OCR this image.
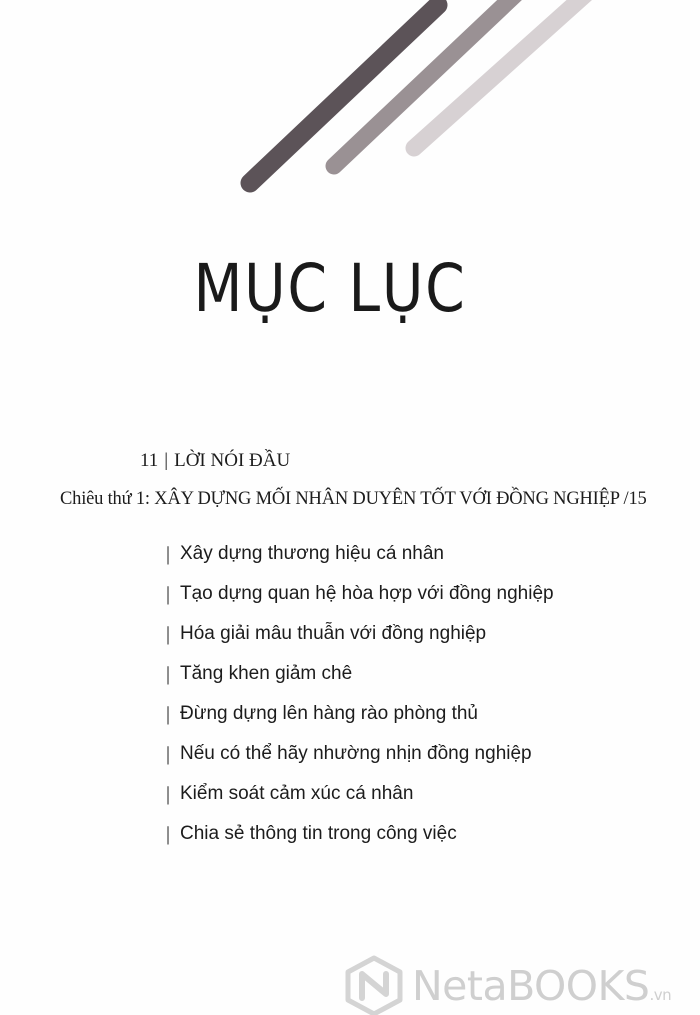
MỤC LỤC
11 | LỜI NÓI ĐẦU
Chiêu thứ 1: XÂY DỰNG MỐI NHÂN DUYÊN TỐT VỚI ĐỒNG NGHIỆP /15
| Xây dựng thương hiệu cá nhân
| Tạo dựng quan hệ hòa hợp với đồng nghiệp
| Hóa giải mâu thuẫn với đồng nghiệp
| Tăng khen giảm chê
| Đừng dựng lên hàng rào phòng thủ
| Nếu có thể hãy nhường nhịn đồng nghiệp
| Kiểm soát cảm xúc cá nhân
| Chia sẻ thông tin trong công việc
NetaBOOKS.vn
